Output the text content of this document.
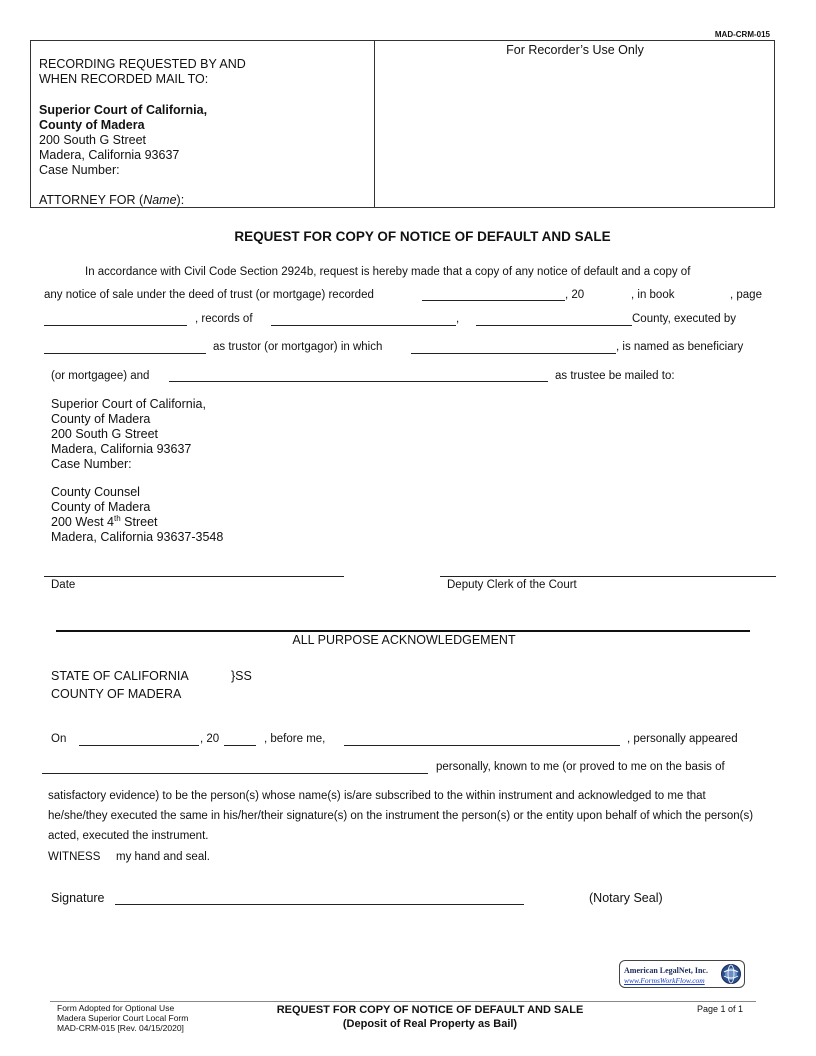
MAD-CRM-015
RECORDING REQUESTED BY AND
WHEN RECORDED MAIL TO:
Superior Court of California,
County of Madera
200 South G Street
Madera, California 93637
Case Number:
ATTORNEY FOR (Name):
For Recorder’s Use Only
REQUEST FOR COPY OF NOTICE OF DEFAULT AND SALE
In accordance with Civil Code Section 2924b, request is hereby made that a copy of any notice of default and a copy of
any notice of sale under the deed of trust (or mortgage) recorded	, 20	, in book	, page
, records of	,	County, executed by
as trustor (or mortgagor) in which	, is named as beneficiary
(or mortgagee) and	as trustee be mailed to:
Superior Court of California,
County of Madera
200 South G Street
Madera, California 93637
Case Number:
County Counsel
County of Madera
200 West 4th Street
Madera, California 93637-3548
Date	Deputy Clerk of the Court
ALL PURPOSE ACKNOWLEDGEMENT
STATE OF CALIFORNIA	}SS
COUNTY OF MADERA
On	, 20	, before me,	, personally appeared
personally, known to me (or proved to me on the basis of
satisfactory evidence) to be the person(s) whose name(s) is/are subscribed to the within instrument and acknowledged to me that
he/she/they executed the same in his/her/their signature(s) on the instrument the person(s) or the entity upon behalf of which the person(s)
acted, executed the instrument.
WITNESS my hand and seal.
Signature	(Notary Seal)
American LegalNet, Inc.
www.FormsWorkFlow.com
Form Adopted for Optional Use
Madera Superior Court Local Form
MAD-CRM-015 [Rev. 04/15/2020]
REQUEST FOR COPY OF NOTICE OF DEFAULT AND SALE
(Deposit of Real Property as Bail)
Page 1 of 1
